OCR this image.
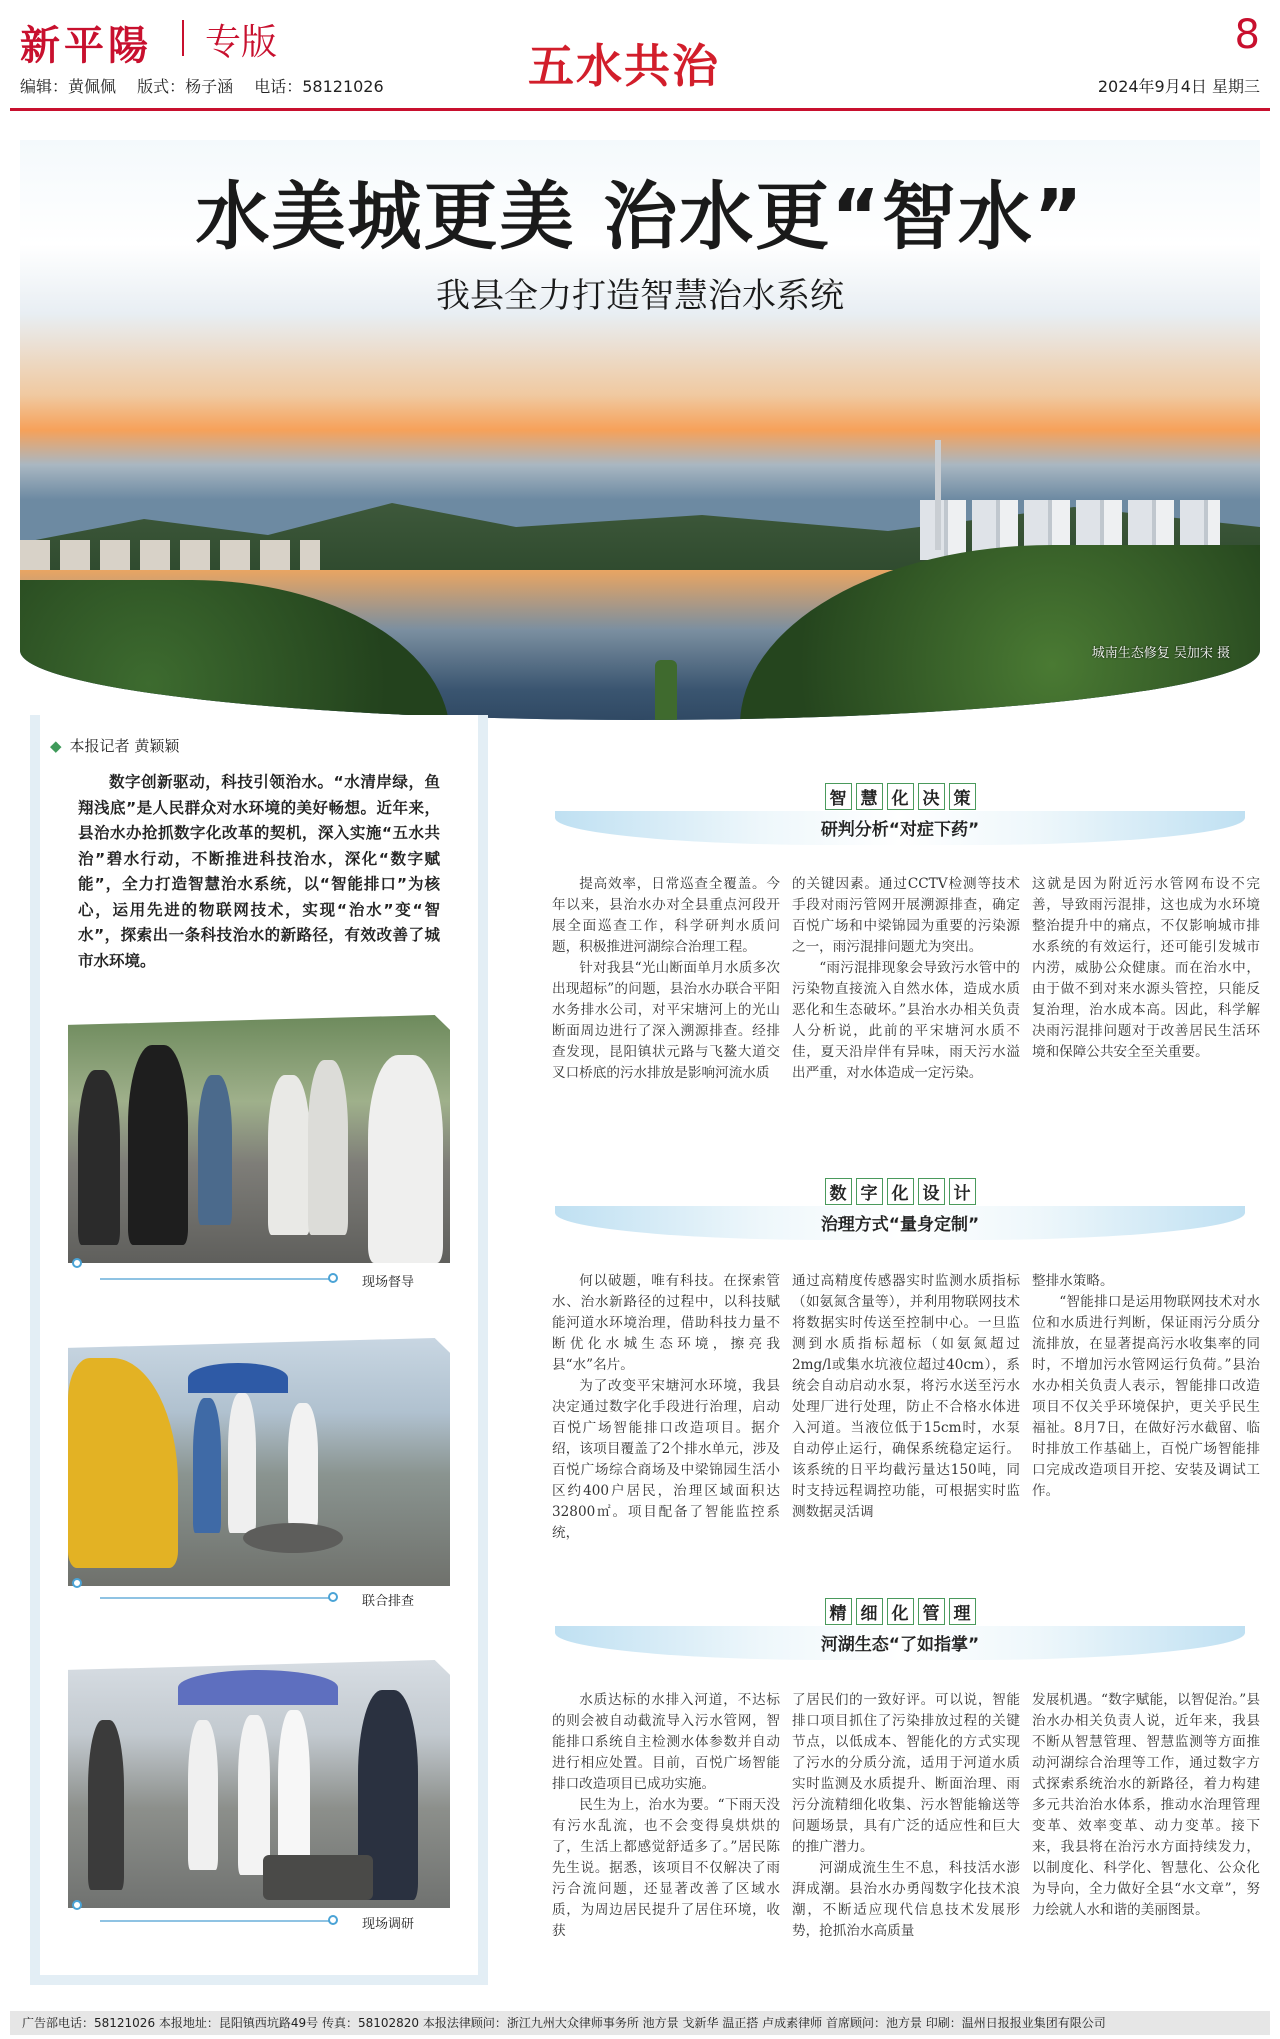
新平陽 专版
编辑：黄佩佩 版式：杨子涵 电话：58121026	五水共治
8
2024年9月4日 星期三
水美城更美 治水更“智水”
我县全力打造智慧治水系统
城南生态修复 吴加宋 摄
◆ 本报记者 黄颖颖
数字创新驱动，科技引领治水。“水清岸绿，鱼翔浅底”是人民群众对水环境的美好畅想。近年来，县治水办抢抓数字化改革的契机，深入实施“五水共治”碧水行动，不断推进科技治水，深化“数字赋能”，全力打造智慧治水系统，以“智能排口”为核心，运用先进的物联网技术，实现“治水”变“智水”，探索出一条科技治水的新路径，有效改善了城市水环境。
现场督导
联合排查
现场调研
智 慧 化 决 策
研判分析“对症下药”

提高效率，日常巡查全覆盖。今年以来，县治水办对全县重点河段开展全面巡查工作，科学研判水质问题，积极推进河湖综合治理工程。

针对我县“光山断面单月水质多次出现超标”的问题，县治水办联合平阳水务排水公司，对平宋塘河上的光山断面周边进行了深入溯源排查。经排查发现，昆阳镇状元路与飞鳌大道交叉口桥底的污水排放是影响河流水质

的关键因素。通过CCTV检测等技术手段对雨污管网开展溯源排查，确定百悦广场和中梁锦园为重要的污染源之一，雨污混排问题尤为突出。

“雨污混排现象会导致污水管中的污染物直接流入自然水体，造成水质恶化和生态破坏。”县治水办相关负责人分析说，此前的平宋塘河水质不佳，夏天沿岸伴有异味，雨天污水溢出严重，对水体造成一定污染。

这就是因为附近污水管网布设不完善，导致雨污混排，这也成为水环境整治提升中的痛点，不仅影响城市排水系统的有效运行，还可能引发城市内涝，威胁公众健康。而在治水中，由于做不到对来水源头管控，只能反复治理，治水成本高。因此，科学解决雨污混排问题对于改善居民生活环境和保障公共安全至关重要。

数 字 化 设 计
治理方式“量身定制”

何以破题，唯有科技。在探索管水、治水新路径的过程中，以科技赋能河道水环境治理，借助科技力量不断优化水城生态环境，擦亮我县“水”名片。

为了改变平宋塘河水环境，我县决定通过数字化手段进行治理，启动百悦广场智能排口改造项目。据介绍，该项目覆盖了2个排水单元，涉及百悦广场综合商场及中梁锦园生活小区约400户居民，治理区域面积达32800㎡。项目配备了智能监控系统，

通过高精度传感器实时监测水质指标（如氨氮含量等），并利用物联网技术将数据实时传送至控制中心。一旦监测到水质指标超标（如氨氮超过2mg/l或集水坑液位超过40cm），系统会自动启动水泵，将污水送至污水处理厂进行处理，防止不合格水体进入河道。当液位低于15cm时，水泵自动停止运行，确保系统稳定运行。该系统的日平均截污量达150吨，同时支持远程调控功能，可根据实时监测数据灵活调

整排水策略。

“智能排口是运用物联网技术对水位和水质进行判断，保证雨污分质分流排放，在显著提高污水收集率的同时，不增加污水管网运行负荷。”县治水办相关负责人表示，智能排口改造项目不仅关乎环境保护，更关乎民生福祉。8月7日，在做好污水截留、临时排放工作基础上，百悦广场智能排口完成改造项目开挖、安装及调试工作。

精 细 化 管 理
河湖生态“了如指掌”

水质达标的水排入河道，不达标的则会被自动截流导入污水管网，智能排口系统自主检测水体参数并自动进行相应处置。目前，百悦广场智能排口改造项目已成功实施。

民生为上，治水为要。“下雨天没有污水乱流，也不会变得臭烘烘的了，生活上都感觉舒适多了。”居民陈先生说。据悉，该项目不仅解决了雨污合流问题，还显著改善了区域水质，为周边居民提升了居住环境，收获

了居民们的一致好评。可以说，智能排口项目抓住了污染排放过程的关键节点，以低成本、智能化的方式实现了污水的分质分流，适用于河道水质实时监测及水质提升、断面治理、雨污分流精细化收集、污水智能输送等问题场景，具有广泛的适应性和巨大的推广潜力。

河湖成流生生不息，科技活水澎湃成潮。县治水办勇闯数字化技术浪潮，不断适应现代信息技术发展形势，抢抓治水高质量

发展机遇。“数字赋能，以智促治。”县治水办相关负责人说，近年来，我县不断从智慧管理、智慧监测等方面推动河湖综合治理等工作，通过数字方式探索系统治水的新路径，着力构建多元共治治水体系，推动水治理管理变革、效率变革、动力变革。接下来，我县将在治污水方面持续发力，以制度化、科学化、智慧化、公众化为导向，全力做好全县“水文章”，努力绘就人水和谐的美丽图景。

广告部电话：58121026 本报地址：昆阳镇西坑路49号 传真：58102820 本报法律顾问：浙江九州大众律师事务所 池方景 戈新华 温正搭 卢成素律师 首席顾问：池方景 印刷：温州日报报业集团有限公司
